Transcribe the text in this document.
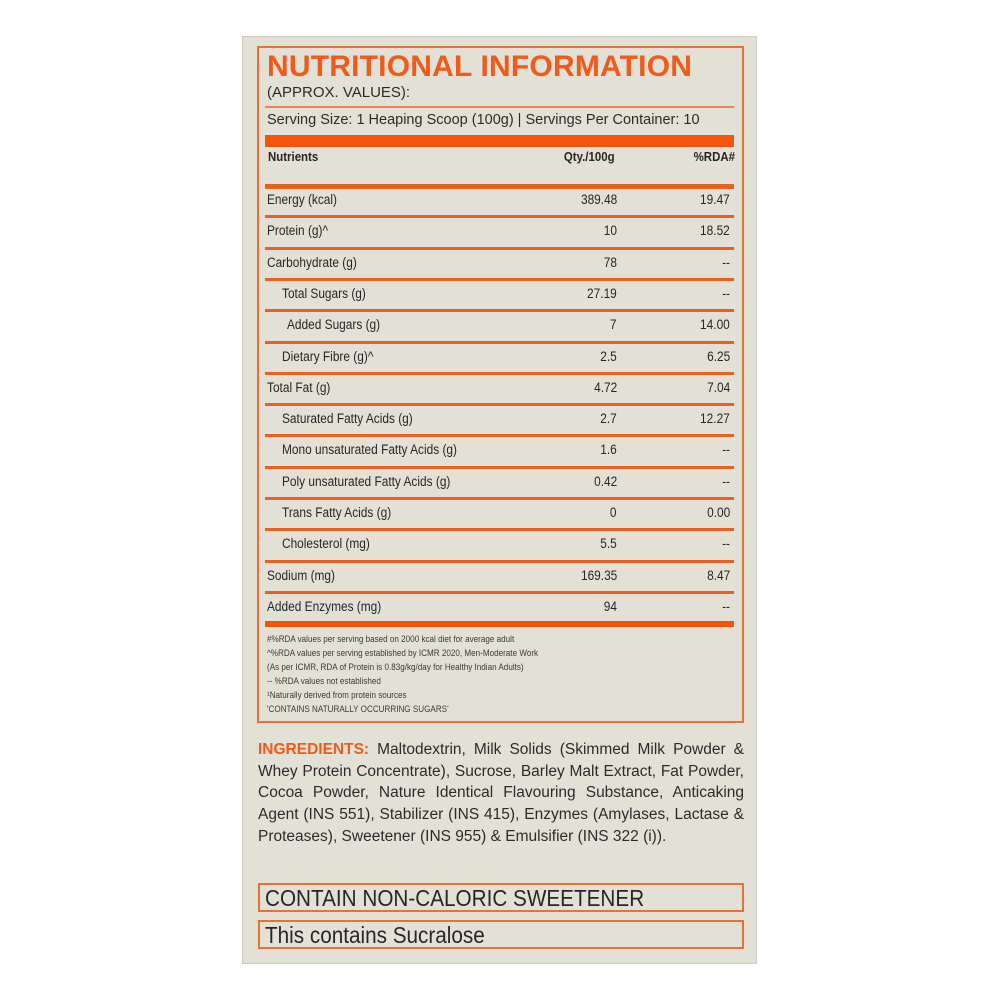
NUTRITIONAL INFORMATION
(APPROX. VALUES):
Serving Size: 1 Heaping Scoop (100g) | Servings Per Container: 10
Nutrients	Qty./100g	%RDA#
Energy (kcal)	389.48	19.47
Protein (g)^	10	18.52
Carbohydrate (g)	78	--
Total Sugars (g)	27.19	--
Added Sugars (g)	7	14.00
Dietary Fibre (g)^	2.5	6.25
Total Fat (g)	4.72	7.04
Saturated Fatty Acids (g)	2.7	12.27
Mono unsaturated Fatty Acids (g)	1.6	--
Poly unsaturated Fatty Acids (g)	0.42	--
Trans Fatty Acids (g)	0	0.00
Cholesterol (mg)	5.5	--
Sodium (mg)	169.35	8.47
Added Enzymes (mg)	94	--
#%RDA values per serving based on 2000 kcal diet for average adult
^%RDA values per serving established by ICMR 2020, Men-Moderate Work
(As per ICMR, RDA of Protein is 0.83g/kg/day for Healthy Indian Adults)
-- %RDA values not established
¹Naturally derived from protein sources
'CONTAINS NATURALLY OCCURRING SUGARS'
INGREDIENTS: Maltodextrin, Milk Solids (Skimmed Milk Powder & Whey Protein Concentrate), Sucrose, Barley Malt Extract, Fat Powder, Cocoa Powder, Nature Identical Flavouring Substance, Anticaking Agent (INS 551), Stabilizer (INS 415), Enzymes (Amylases, Lactase & Proteases), Sweetener (INS 955) & Emulsifier (INS 322 (i)).
CONTAIN NON-CALORIC SWEETENER
This contains Sucralose
